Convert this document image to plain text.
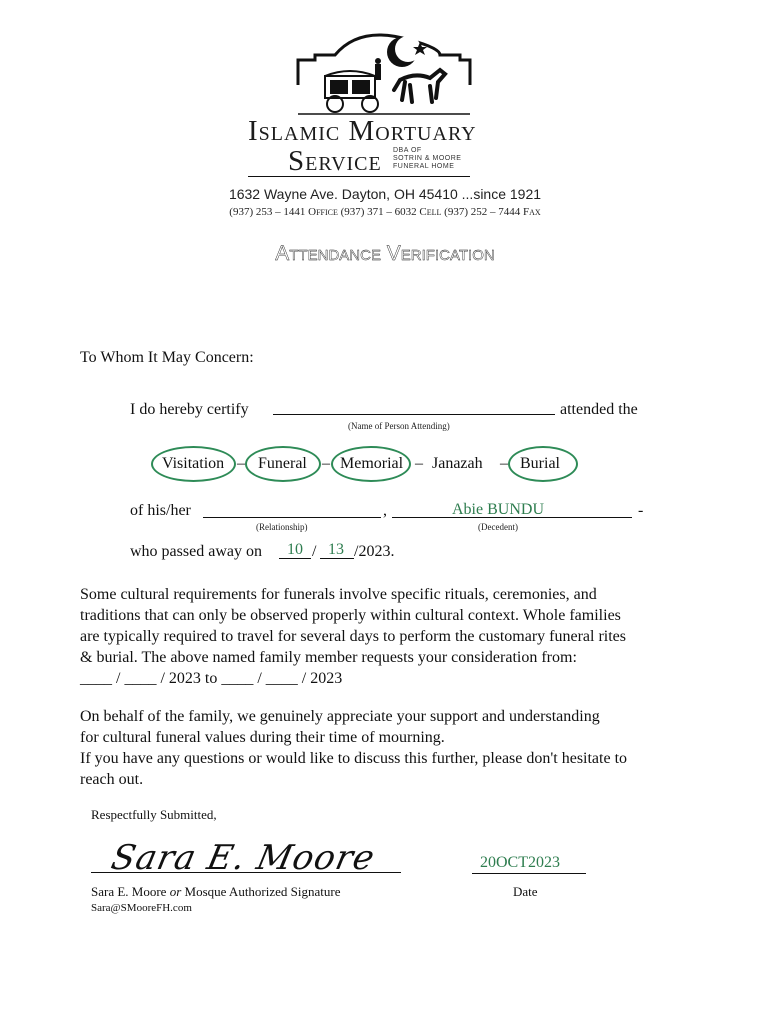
Islamic Mortuary
Service DBA OF
SOTRIN & MOORE
FUNERAL HOME
1632 Wayne Ave. Dayton, OH 45410 ...since 1921
(937) 253 – 1441 Office (937) 371 – 6032 Cell (937) 252 – 7444 Fax
Attendance Verification
To Whom It May Concern:
I do hereby certify	attended the
(Name of Person Attending)
Visitation – Funeral – Memorial – Janazah – Burial
of his/her	,	Abie BUNDU	-
(Relationship)	(Decedent)
who passed away on 10 / 13 /2023.
Some cultural requirements for funerals involve specific rituals, ceremonies, and
traditions that can only be observed properly within cultural context. Whole families
are typically required to travel for several days to perform the customary funeral rites
& burial. The above named family member requests your consideration from:
____ / ____ / 2023 to ____ / ____ / 2023
On behalf of the family, we genuinely appreciate your support and understanding
for cultural funeral values during their time of mourning.
If you have any questions or would like to discuss this further, please don't hesitate to
reach out.
Respectfully Submitted,
Sara E. Moore
Sara E. Moore or Mosque Authorized Signature
Sara@SMooreFH.com
20OCT2023
Date
